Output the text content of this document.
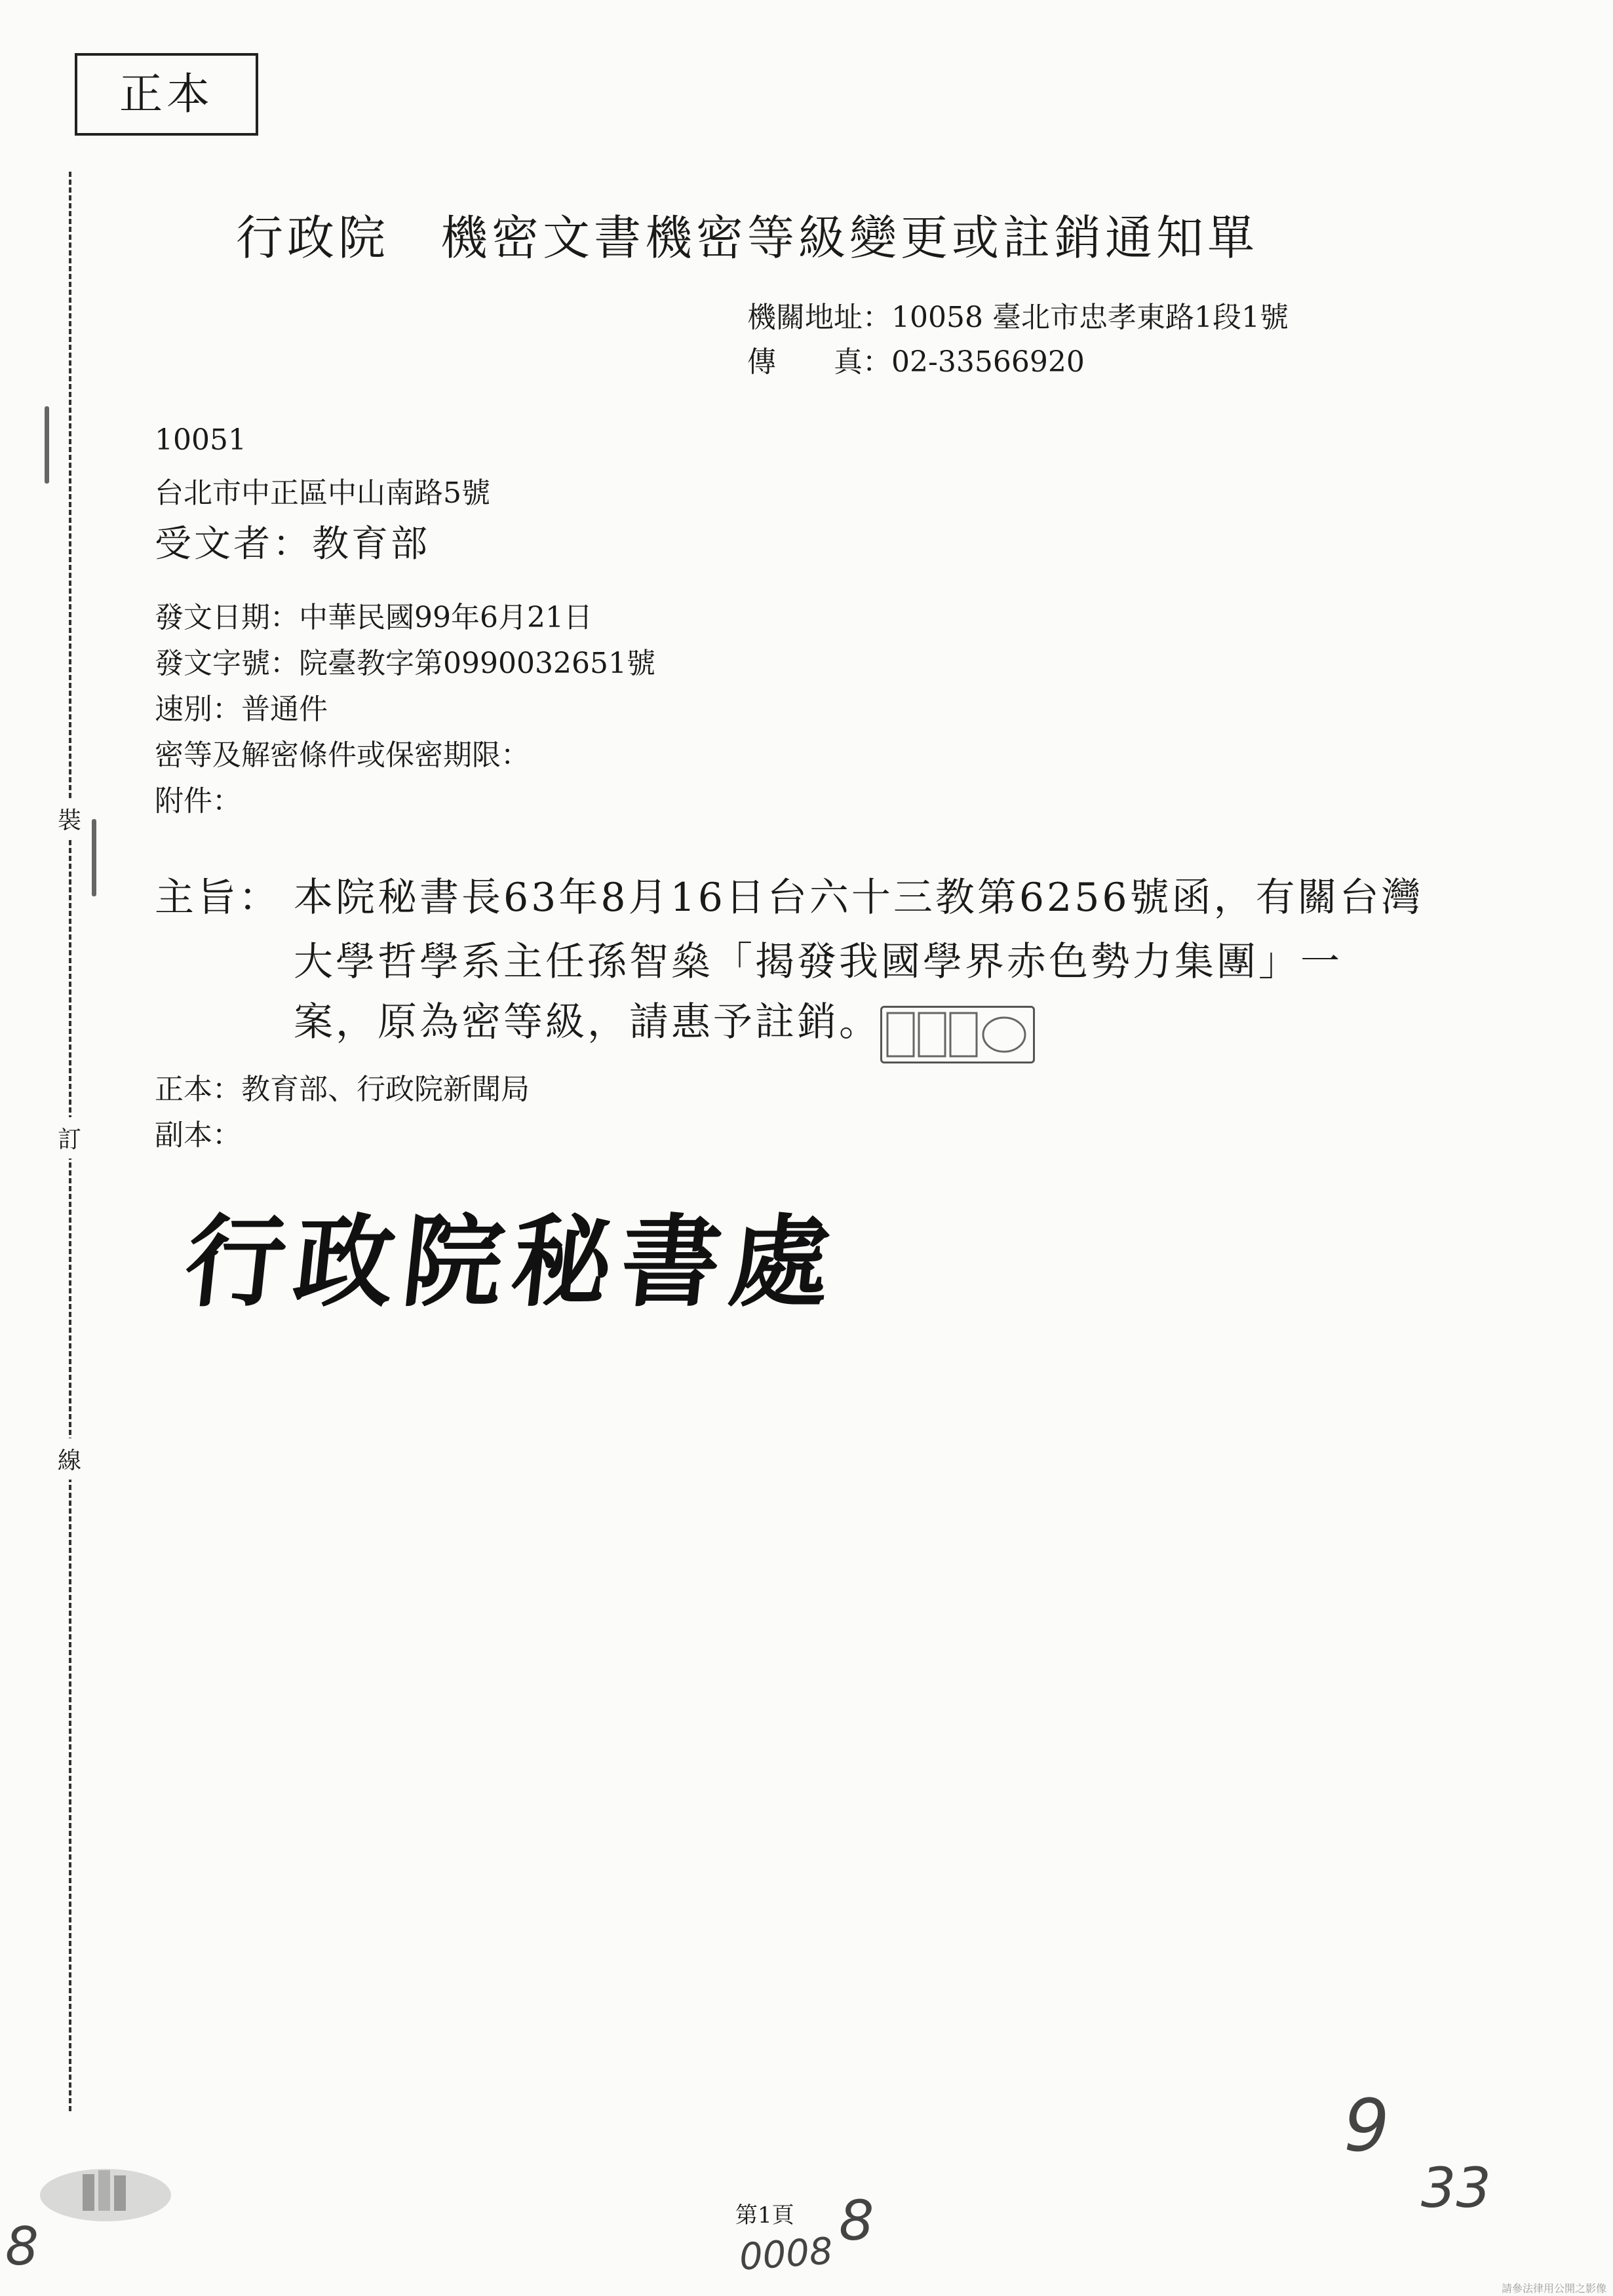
正本
裝
訂
線
行政院　機密文書機密等級變更或註銷通知單
機關地址：10058 臺北市忠孝東路1段1號
傳　　真：02-33566920
10051
台北市中正區中山南路5號
受文者：教育部
發文日期：中華民國99年6月21日
發文字號：院臺教字第0990032651號
速別：普通件
密等及解密條件或保密期限：
附件：
主旨： 本院秘書長63年8月16日台六十三教第6256號函，有關台灣
大學哲學系主任孫智燊「揭發我國學界赤色勢力集團」一
案，原為密等級，請惠予註銷。
正本：教育部、行政院新聞局
副本：
行政院秘書處
9
33
8
0008
8
第1頁
請參法律用公開之影像
